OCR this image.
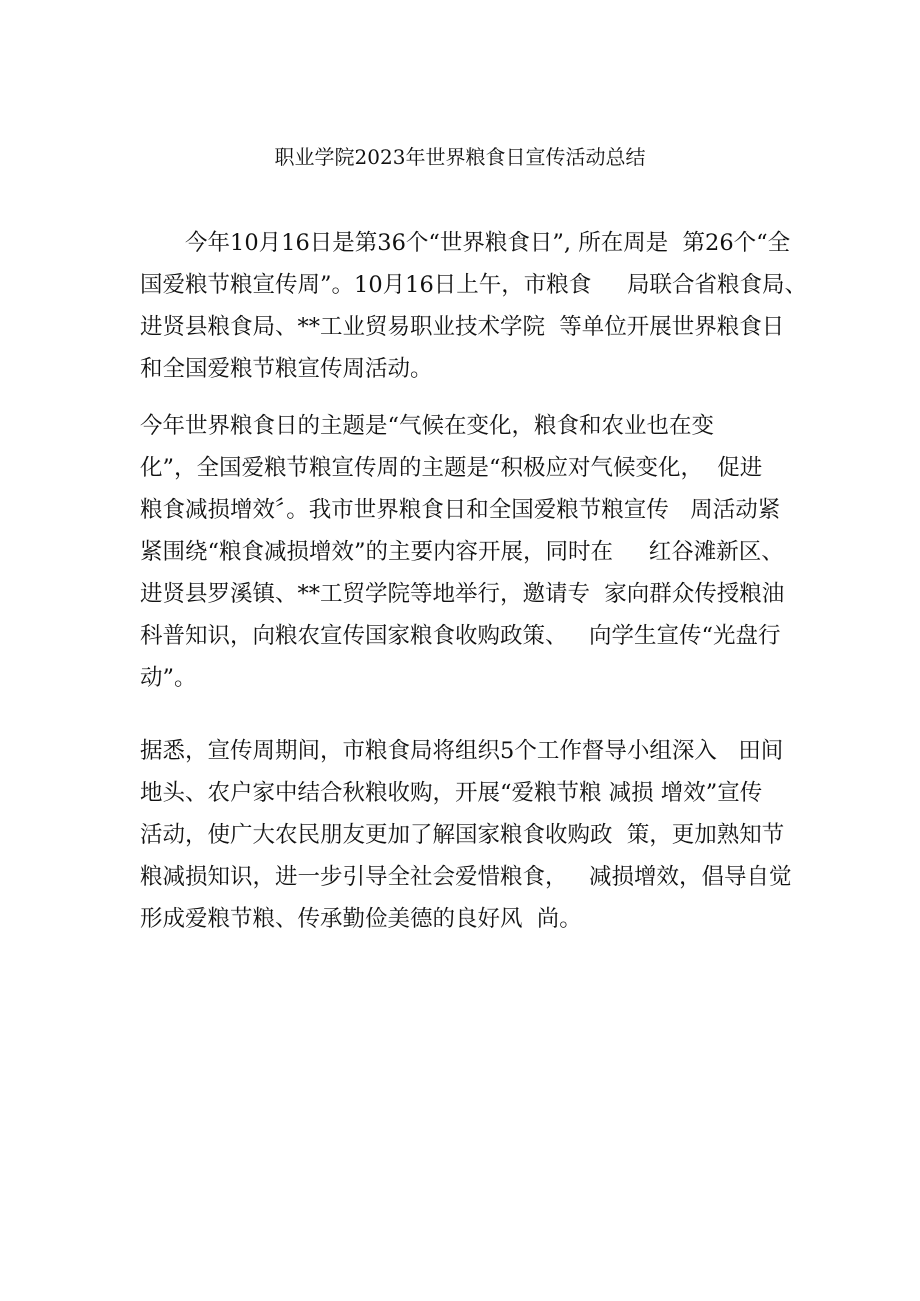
职业学院2023年世界粮食日宣传活动总结
　　今年10月16日是第36个“世界粮食日”, 所在周是  第26个“全
国爱粮节粮宣传周”。10月16日上午，市粮食     局联合省粮食局、
进贤县粮食局、**工业贸易职业技术学院  等单位开展世界粮食日
和全国爱粮节粮宣传周活动。
今年世界粮食日的主题是“气候在变化，粮食和农业也在变
化”，全国爱粮节粮宣传周的主题是“积极应对气候变化，  促进
粮食减损增效〞。我市世界粮食日和全国爱粮节粮宣传   周活动紧
紧围绕“粮食减损增效”的主要内容开展，同时在     红谷滩新区、
进贤县罗溪镇、**工贸学院等地举行，邀请专  家向群众传授粮油
科普知识，向粮农宣传国家粮食收购政策、   向学生宣传“光盘行
动”。
据悉，宣传周期间，市粮食局将组织5个工作督导小组深入   田间
地头、农户家中结合秋粮收购，开展“爱粮节粮 减损 增效”宣传
活动，使广大农民朋友更加了解国家粮食收购政  策，更加熟知节
粮减损知识，进一步引导全社会爱惜粮食，   减损增效，倡导自觉
形成爱粮节粮、传承勤俭美德的良好风  尚。
